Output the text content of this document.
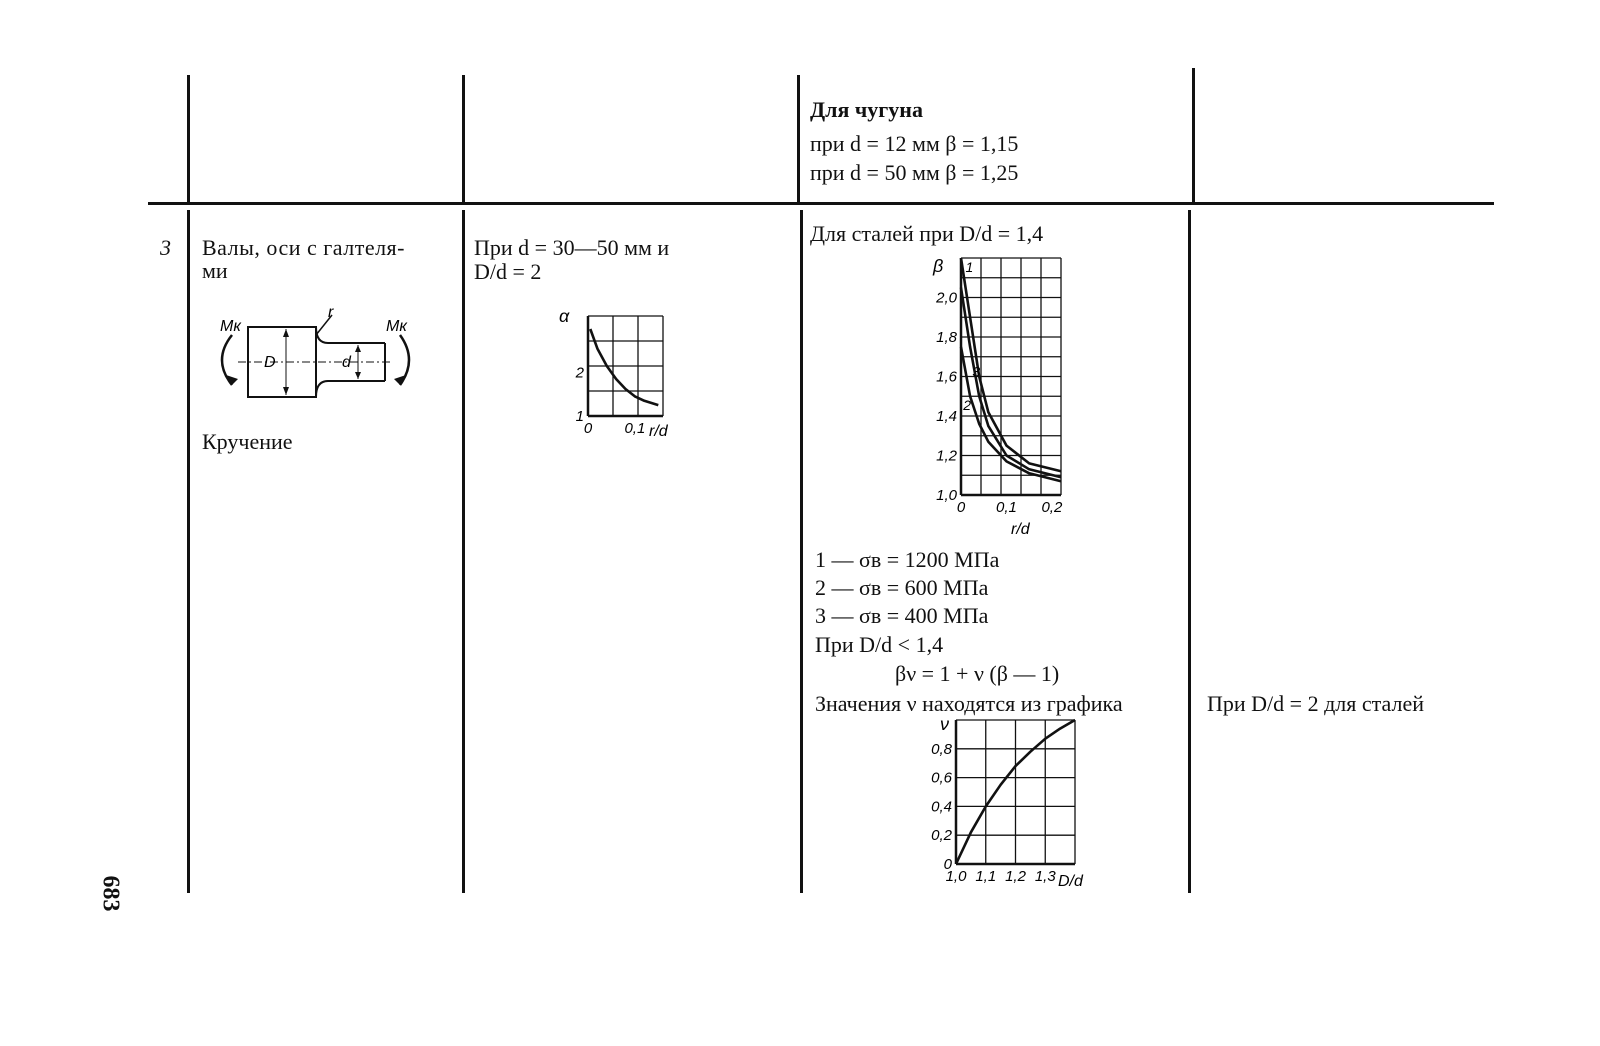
Для чугуна
при d = 12 мм β = 1,15
при d = 50 мм β = 1,25
3 Валы, оси с галтеля-
ми
Mк	Mк
r
D	d
Кручение
При d = 30—50 мм и
D/d = 2
1
2
0 0,1
α
r/d
Для сталей при D/d = 1,4
1
2
3
1,0
1,2
1,4
1,6
1,8
2,0
0 0,1 0,2
β
r/d
1 — σв = 1200 МПа
2 — σв = 600 МПа
3 — σв = 400 МПа
При D/d < 1,4
βν = 1 + ν (β — 1)
Значения ν находятся из графика
0
0,2
0,4
0,6
0,8
1,0 1,1 1,2 1,3
ν
D/d
При D/d = 2 для сталей
683
